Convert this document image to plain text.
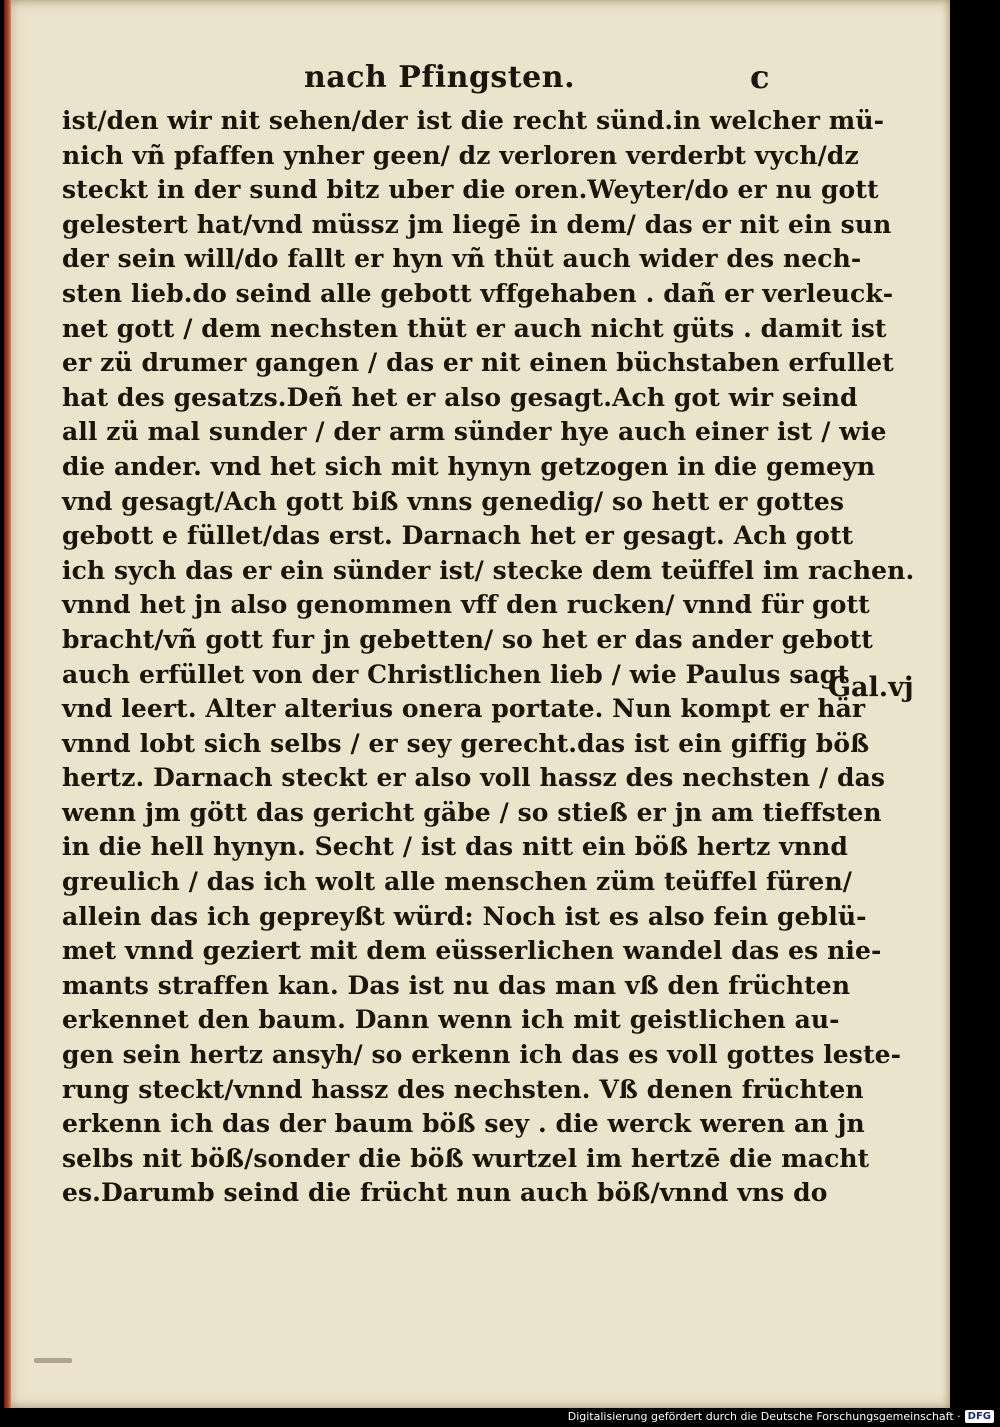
nach Pfingsten.	c
ist/den wir nit sehen/der ist die recht sünd.in welcher mü‑
nich vñ pfaffen ynher geen/ dz verloren verderbt vych/dz
steckt in der sund bitz uber die oren.Weyter/do er nu gott
gelestert hat/vnd müssz jm liegē in dem/ das er nit ein sun
der sein will/do fallt er hyn vñ thüt auch wider des nech‑
sten lieb.do seind alle gebott vffgehaben . dañ er verleuck‑
net gott / dem nechsten thüt er auch nicht güts . damit ist
er zü drumer gangen / das er nit einen büchstaben erfullet
hat des gesatzs.Deñ het er also gesagt.Ach got wir seind
all zü mal sunder / der arm sünder hye auch einer ist / wie
die ander. vnd het sich mit hynyn getzogen in die gemeyn
vnd gesagt/Ach gott biß vnns genedig/ so hett er gottes
gebott e füllet/das erst. Darnach het er gesagt. Ach gott
ich sych das er ein sünder ist/ stecke dem teüffel im rachen.
vnnd het jn also genommen vff den rucken/ vnnd für gott
bracht/vñ gott fur jn gebetten/ so het er das ander gebott
auch erfüllet von der Christlichen lieb / wie Paulus sagt
vnd leert. Alter alterius onera portate. Nun kompt er här
vnnd lobt sich selbs / er sey gerecht.das ist ein giffig böß
hertz. Darnach steckt er also voll hassz des nechsten / das
wenn jm gött das gericht gäbe / so stieß er jn am tieffsten
in die hell hynyn. Secht / ist das nitt ein böß hertz vnnd
greulich / das ich wolt alle menschen züm teüffel füren/
allein das ich gepreyßt würd: Noch ist es also fein geblü‑
met vnnd geziert mit dem eüsserlichen wandel das es nie‑
mants straffen kan. Das ist nu das man vß den früchten
erkennet den baum. Dann wenn ich mit geistlichen au‑
gen sein hertz ansyh/ so erkenn ich das es voll gottes leste‑
rung steckt/vnnd hassz des nechsten. Vß denen früchten
erkenn ich das der baum böß sey . die werck weren an jn
selbs nit böß/sonder die böß wurtzel im hertzē die macht
es.Darumb seind die frücht nun auch böß/vnnd vns do
Gal.vj
Digitalisierung gefördert durch die Deutsche Forschungsgemeinschaft · DFG
